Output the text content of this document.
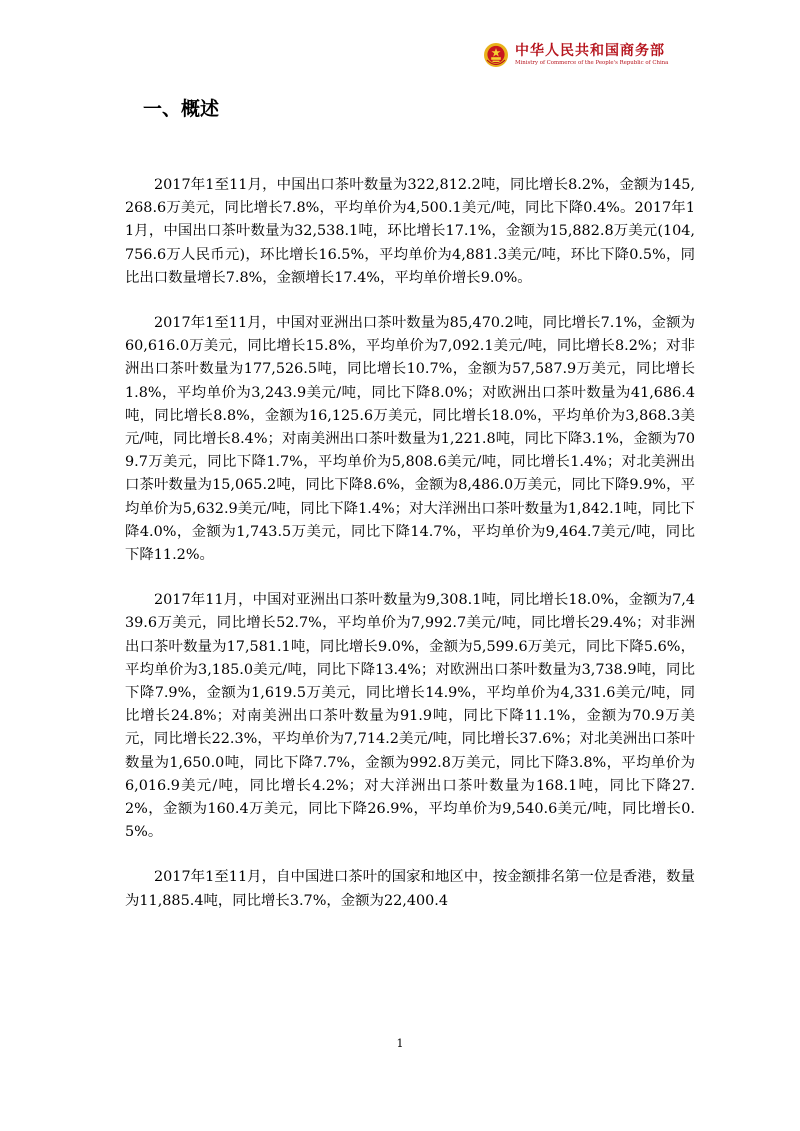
中华人民共和国商务部
Ministry of Commerce of the People's Republic of China
一、概述

2017年1至11月，中国出口茶叶数量为322,812.2吨，同比增长8.2%，金额为145,268.6万美元，同比增长7.8%，平均单价为4,500.1美元/吨，同比下降0.4%。2017年11月，中国出口茶叶数量为32,538.1吨，环比增长17.1%，金额为15,882.8万美元(104,756.6万人民币元)，环比增长16.5%，平均单价为4,881.3美元/吨，环比下降0.5%，同比出口数量增长7.8%，金额增长17.4%，平均单价增长9.0%。

2017年1至11月，中国对亚洲出口茶叶数量为85,470.2吨，同比增长7.1%，金额为60,616.0万美元，同比增长15.8%，平均单价为7,092.1美元/吨，同比增长8.2%；对非洲出口茶叶数量为177,526.5吨，同比增长10.7%，金额为57,587.9万美元，同比增长1.8%，平均单价为3,243.9美元/吨，同比下降8.0%；对欧洲出口茶叶数量为41,686.4吨，同比增长8.8%，金额为16,125.6万美元，同比增长18.0%，平均单价为3,868.3美元/吨，同比增长8.4%；对南美洲出口茶叶数量为1,221.8吨，同比下降3.1%，金额为709.7万美元，同比下降1.7%，平均单价为5,808.6美元/吨，同比增长1.4%；对北美洲出口茶叶数量为15,065.2吨，同比下降8.6%，金额为8,486.0万美元，同比下降9.9%，平均单价为5,632.9美元/吨，同比下降1.4%；对大洋洲出口茶叶数量为1,842.1吨，同比下降4.0%，金额为1,743.5万美元，同比下降14.7%，平均单价为9,464.7美元/吨，同比下降11.2%。

2017年11月，中国对亚洲出口茶叶数量为9,308.1吨，同比增长18.0%，金额为7,439.6万美元，同比增长52.7%，平均单价为7,992.7美元/吨，同比增长29.4%；对非洲出口茶叶数量为17,581.1吨，同比增长9.0%，金额为5,599.6万美元，同比下降5.6%，平均单价为3,185.0美元/吨，同比下降13.4%；对欧洲出口茶叶数量为3,738.9吨，同比下降7.9%，金额为1,619.5万美元，同比增长14.9%，平均单价为4,331.6美元/吨，同比增长24.8%；对南美洲出口茶叶数量为91.9吨，同比下降11.1%，金额为70.9万美元，同比增长22.3%，平均单价为7,714.2美元/吨，同比增长37.6%；对北美洲出口茶叶数量为1,650.0吨，同比下降7.7%，金额为992.8万美元，同比下降3.8%，平均单价为6,016.9美元/吨，同比增长4.2%；对大洋洲出口茶叶数量为168.1吨，同比下降27.2%，金额为160.4万美元，同比下降26.9%，平均单价为9,540.6美元/吨，同比增长0.5%。

2017年1至11月，自中国进口茶叶的国家和地区中，按金额排名第一位是香港，数量为11,885.4吨，同比增长3.7%，金额为22,400.4

1
